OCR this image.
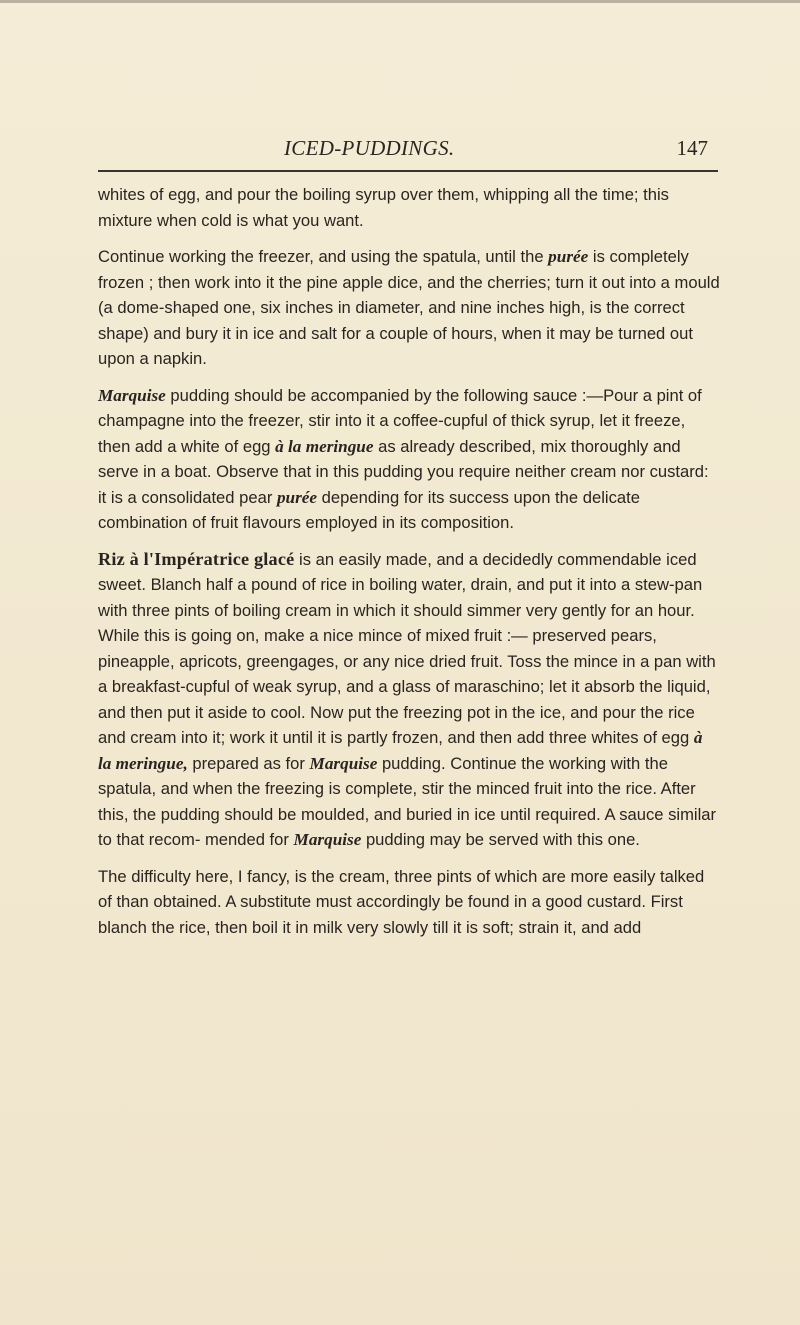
ICED-PUDDINGS.	147

whites of egg, and pour the boiling syrup over them, whipping all the time; this mixture when cold is what you want.

Continue working the freezer, and using the spatula, until the purée is completely frozen ; then work into it the pine apple dice, and the cherries; turn it out into a mould (a dome-shaped one, six inches in diameter, and nine inches high, is the correct shape) and bury it in ice and salt for a couple of hours, when it may be turned out upon a napkin.

Marquise pudding should be accompanied by the following sauce :—Pour a pint of champagne into the freezer, stir into it a coffee-cupful of thick syrup, let it freeze, then add a white of egg à la meringue as already described, mix thoroughly and serve in a boat. Observe that in this pudding you require neither cream nor custard: it is a consolidated pear purée depending for its success upon the delicate combination of fruit flavours employed in its composition.

Riz à l'Impératrice glacé is an easily made, and a decidedly commendable iced sweet. Blanch half a pound of rice in boiling water, drain, and put it into a stew-pan with three pints of boiling cream in which it should simmer very gently for an hour. While this is going on, make a nice mince of mixed fruit :— preserved pears, pineapple, apricots, greengages, or any nice dried fruit. Toss the mince in a pan with a breakfast-cupful of weak syrup, and a glass of maraschino; let it absorb the liquid, and then put it aside to cool. Now put the freezing pot in the ice, and pour the rice and cream into it; work it until it is partly frozen, and then add three whites of egg à la meringue, prepared as for Marquise pudding. Continue the working with the spatula, and when the freezing is complete, stir the minced fruit into the rice. After this, the pudding should be moulded, and buried in ice until required. A sauce similar to that recom- mended for Marquise pudding may be served with this one.

The difficulty here, I fancy, is the cream, three pints of which are more easily talked of than obtained. A substitute must accordingly be found in a good custard. First blanch the rice, then boil it in milk very slowly till it is soft; strain it, and add
